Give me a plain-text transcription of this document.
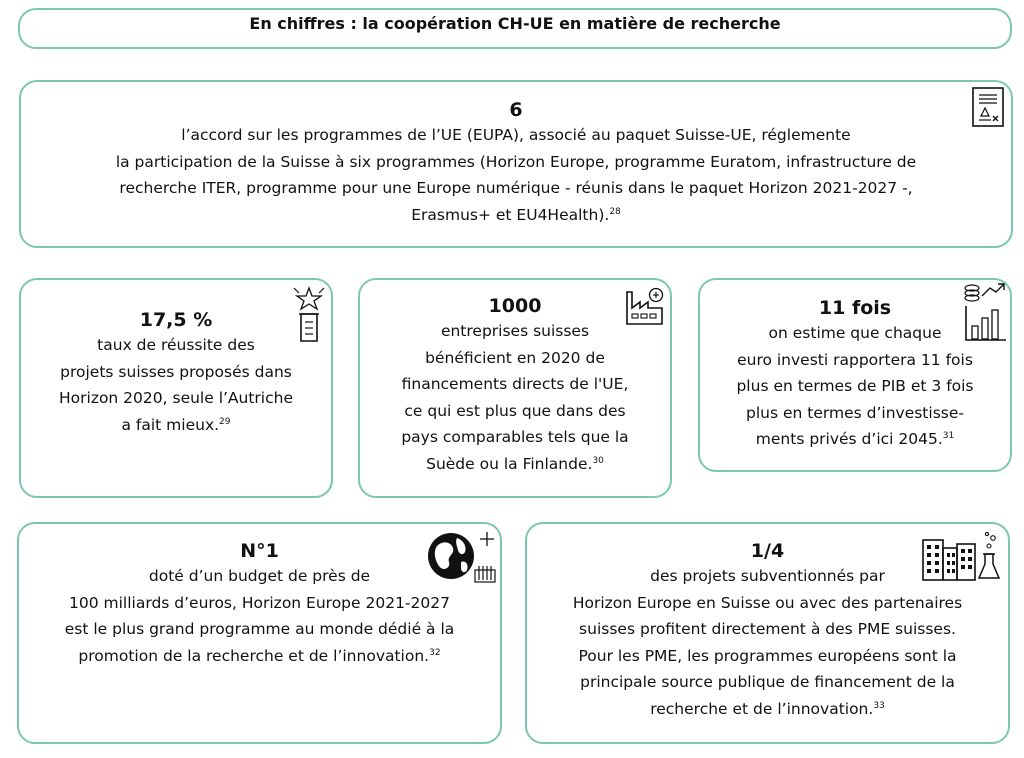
En chiffres : la coopération CH-UE en matière de recherche
6
l’accord sur les programmes de l’UE (EUPA), associé au paquet Suisse-UE, réglemente
la participation de la Suisse à six programmes (Horizon Europe, programme Euratom, infrastructure de
recherche ITER, programme pour une Europe numérique - réunis dans le paquet Horizon 2021-2027 -,
Erasmus+ et EU4Health).$^{28}$
17,5 %
taux de réussite des
projets suisses proposés dans
Horizon 2020, seule l’Autriche
a fait mieux.$^{29}$
1000
entreprises suisses
bénéficient en 2020 de
financements directs de l'UE,
ce qui est plus que dans des
pays comparables tels que la
Suède ou la Finlande.$^{30}$
11 fois
on estime que chaque
euro investi rapportera 11 fois
plus en termes de PIB et 3 fois
plus en termes d’investisse-
ments privés d’ici 2045.31
N°1
doté d’un budget de près de
100 milliards d’euros, Horizon Europe 2021-2027
est le plus grand programme au monde dédié à la
promotion de la recherche et de l’innovation.$^{32}$
1/4
des projets subventionnés par
Horizon Europe en Suisse ou avec des partenaires
suisses profitent directement à des PME suisses.
Pour les PME, les programmes européens sont la
principale source publique de financement de la
recherche et de l’innovation.$^{33}$
